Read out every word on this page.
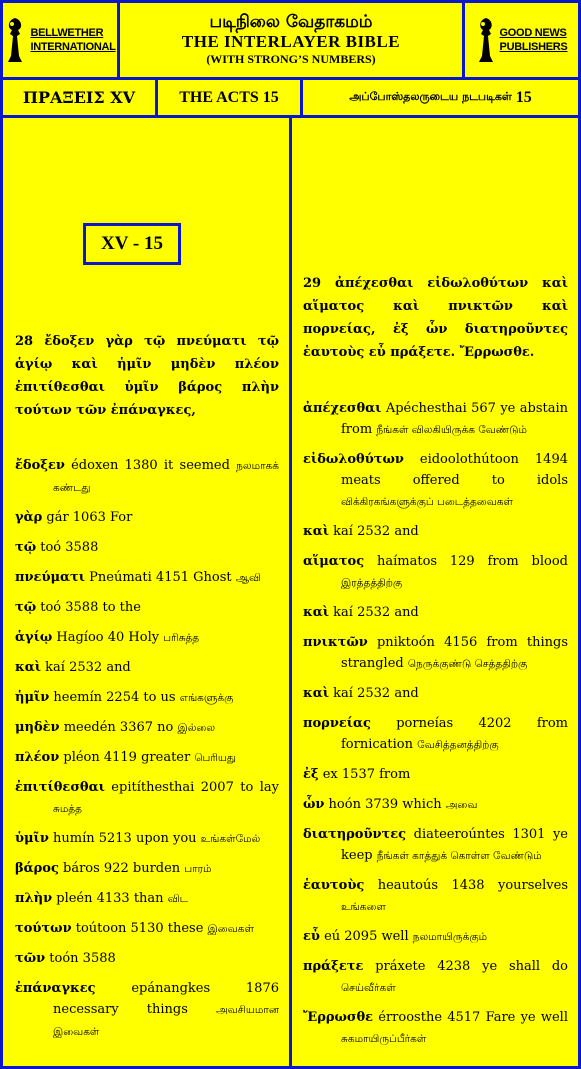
BELLWETHER
INTERNATIONAL
படிநிலை வேதாகமம்
THE INTERLAYER BIBLE
(WITH STRONG’S NUMBERS)
GOOD NEWS
PUBLISHERS
ΠΡΑΞΕΙΣ XV	THE ACTS 15	அப்போஸ்தலருடைய நடபடிகள் 15
XV - 15
28 ἔδοξεν γὰρ τῷ πνεύματι τῷ ἁγίῳ καὶ ἡμῖν μηδὲν πλέον ἐπιτίθεσθαι ὑμῖν βάρος πλὴν τούτων τῶν ἐπάναγκες,
ἔδοξεν édoxen 1380 it seemed நலமாகக் கண்டது
γὰρ gár 1063 For
τῷ toó 3588
πνεύματι Pneúmati 4151 Ghost ஆவி
τῷ toó 3588 to the
ἁγίῳ Hagíoo 40 Holy பரிசுத்த
καὶ kaí 2532 and
ἡμῖν heemín 2254 to us எங்களுக்கு
μηδὲν meedén 3367 no இல்லை
πλέον pléon 4119 greater பெரியது
ἐπιτίθεσθαι epitíthesthai 2007 to lay சுமத்த
ὑμῖν humín 5213 upon you உங்கள்மேல்
βάρος báros 922 burden பாரம்
πλὴν pleén 4133 than விட
τούτων toútoon 5130 these இவைகள்
τῶν toón 3588
ἐπάναγκες epánangkes 1876 necessary things அவசியமான இவைகள்
29 ἀπέχεσθαι εἰδωλοθύτων καὶ αἵματος καὶ πνικτῶν καὶ πορνείας, ἐξ ὧν διατηροῦντες ἑαυτοὺς εὖ πράξετε. Ἔρρωσθε.
ἀπέχεσθαι Apéchesthai 567 ye abstain from நீங்கள் விலகியிருக்க வேண்டும்
εἰδωλοθύτων eidoolothútoon 1494 meats offered to idols விக்கிரகங்களுக்குப் படைத்தவைகள்
καὶ kaí 2532 and
αἵματος haímatos 129 from blood இரத்தத்திற்கு
καὶ kaí 2532 and
πνικτῶν pniktoón 4156 from things strangled நெருக்குண்டு செத்ததிற்கு
καὶ kaí 2532 and
πορνείας porneías 4202 from fornication வேசித்தனத்திற்கு
ἐξ ex 1537 from
ὧν hoón 3739 which அவை
διατηροῦντες diateeroúntes 1301 ye keep நீங்கள் காத்துக் கொள்ள வேண்டும்
ἑαυτοὺς heautoús 1438 yourselves உங்களை
εὖ eú 2095 well நலமாயிருக்கும்
πράξετε práxete 4238 ye shall do செய்வீர்கள்
Ἔρρωσθε érroosthe 4517 Fare ye well சுகமாயிருப்பீர்கள்
